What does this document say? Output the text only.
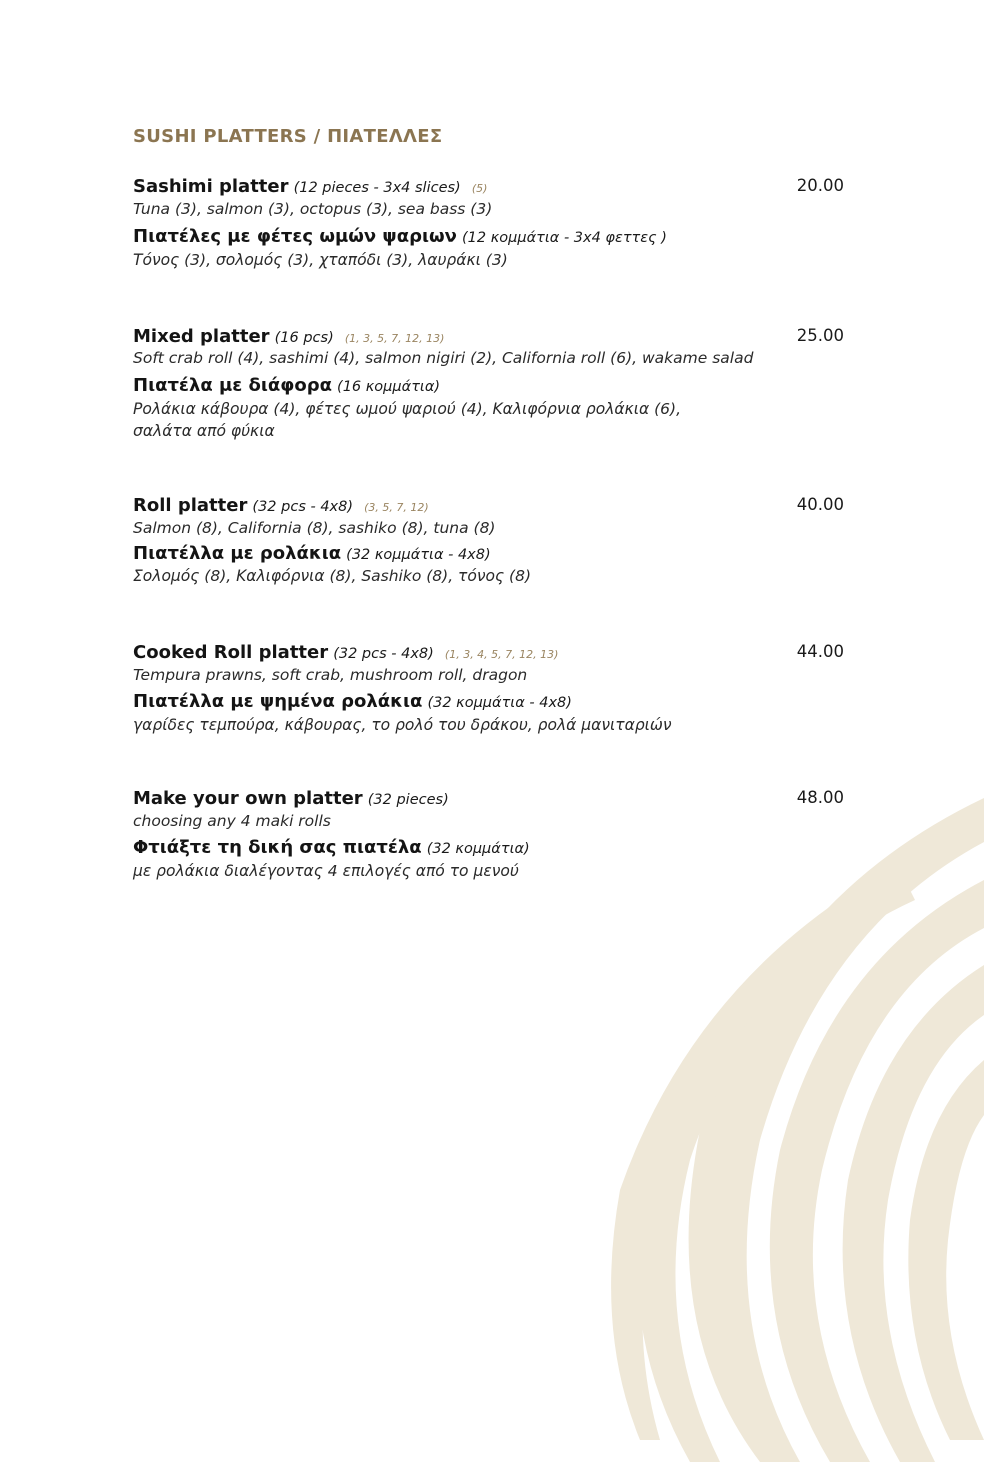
SUSHI PLATTERS / ΠΙΑΤΕΛΛΕΣ
Sashimi platter (12 pieces - 3x4 slices) (5)	20.00
Tuna (3), salmon (3), octopus (3), sea bass (3)
Πιατέλες με φέτες ωμών ψαριων (12 κομμάτια - 3x4 φεττες )
Τόνος (3), σολομός (3), χταπόδι (3), λαυράκι (3)
Mixed platter (16 pcs) (1, 3, 5, 7, 12, 13)	25.00
Soft crab roll (4), sashimi (4), salmon nigiri (2), California roll (6), wakame salad
Πιατέλα με διάφορα (16 κομμάτια)
Ρολάκια κάβουρα (4), φέτες ωμού ψαριού (4), Καλιφόρνια ρολάκια (6),
σαλάτα από φύκια
Roll platter (32 pcs - 4x8) (3, 5, 7, 12)	40.00
Salmon (8), California (8), sashiko (8), tuna (8)
Πιατέλλα με ρολάκια (32 κομμάτια - 4x8)
Σολομός (8), Καλιφόρνια (8), Sashiko (8), τόνος (8)
Cooked Roll platter (32 pcs - 4x8) (1, 3, 4, 5, 7, 12, 13)	44.00
Tempura prawns, soft crab, mushroom roll, dragon
Πιατέλλα με ψημένα ρολάκια (32 κομμάτια - 4x8)
γαρίδες τεμπούρα, κάβουρας, το ρολό του δράκου, ρολά μανιταριών
Make your own platter (32 pieces)	48.00
choosing any 4 maki rolls
Φτιάξτε τη δική σας πιατέλα (32 κομμάτια)
με ρολάκια διαλέγοντας 4 επιλογές από το μενού
